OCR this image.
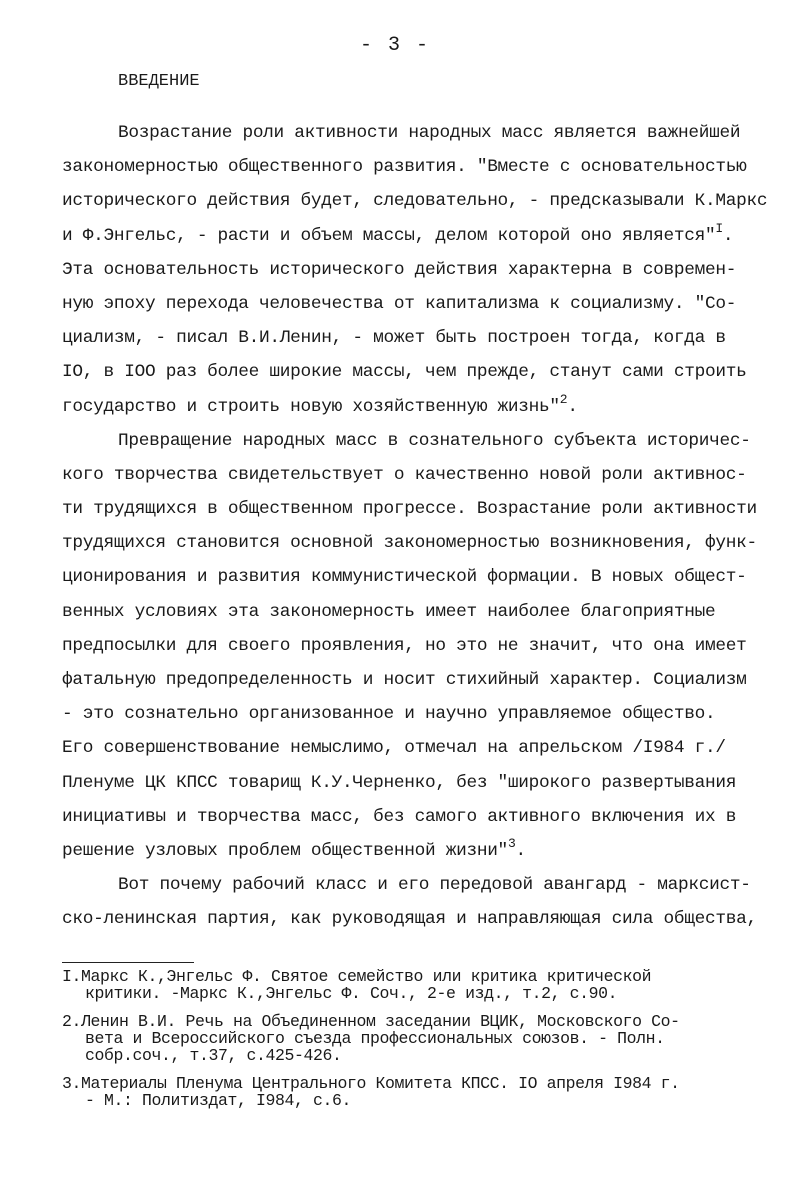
- 3 -
ВВЕДЕНИЕ
Возрастание роли активности народных масс является важнейшей
закономерностью общественного развития. "Вместе с основательностью
исторического действия будет, следовательно, - предсказывали К.Маркс
и Ф.Энгельс, - расти и объем массы, делом которой оно является"$^I$.
Эта основательность исторического действия характерна в современ-
ную эпоху перехода человечества от капитализма к социализму. "Со-
циализм, - писал В.И.Ленин, - может быть построен тогда, когда в
IO, в IOO раз более широкие массы, чем прежде, станут сами строить
государство и строить новую хозяйственную жизнь"$^2$.
Превращение народных масс в сознательного субъекта историчес-
кого творчества свидетельствует о качественно новой роли активнос-
ти трудящихся в общественном прогрессе. Возрастание роли активности
трудящихся становится основной закономерностью возникновения, функ-
ционирования и развития коммунистической формации. В новых общест-
венных условиях эта закономерность имеет наиболее благоприятные
предпосылки для своего проявления, но это не значит, что она имеет
фатальную предопределенность и носит стихийный характер. Социализм
- это сознательно организованное и научно управляемое общество.
Его совершенствование немыслимо, отмечал на апрельском /I984 г./
Пленуме ЦК КПСС товарищ К.У.Черненко, без "широкого развертывания
инициативы и творчества масс, без самого активного включения их в
решение узловых проблем общественной жизни"$^3$.
Вот почему рабочий класс и его передовой авангард - марксист-
ско-ленинская партия, как руководящая и направляющая сила общества,
I.Маркс К.,Энгельс Ф. Святое семейство или критика критической
критики. -Маркс К.,Энгельс Ф. Соч., 2-е изд., т.2, с.90.
2.Ленин В.И. Речь на Объединенном заседании ВЦИК, Московского Со-
вета и Всероссийского съезда профессиональных союзов. - Полн.
собр.соч., т.37, с.425-426.
3.Материалы Пленума Центрального Комитета КПСС. IO апреля I984 г.
- М.: Политиздат, I984, с.6.
